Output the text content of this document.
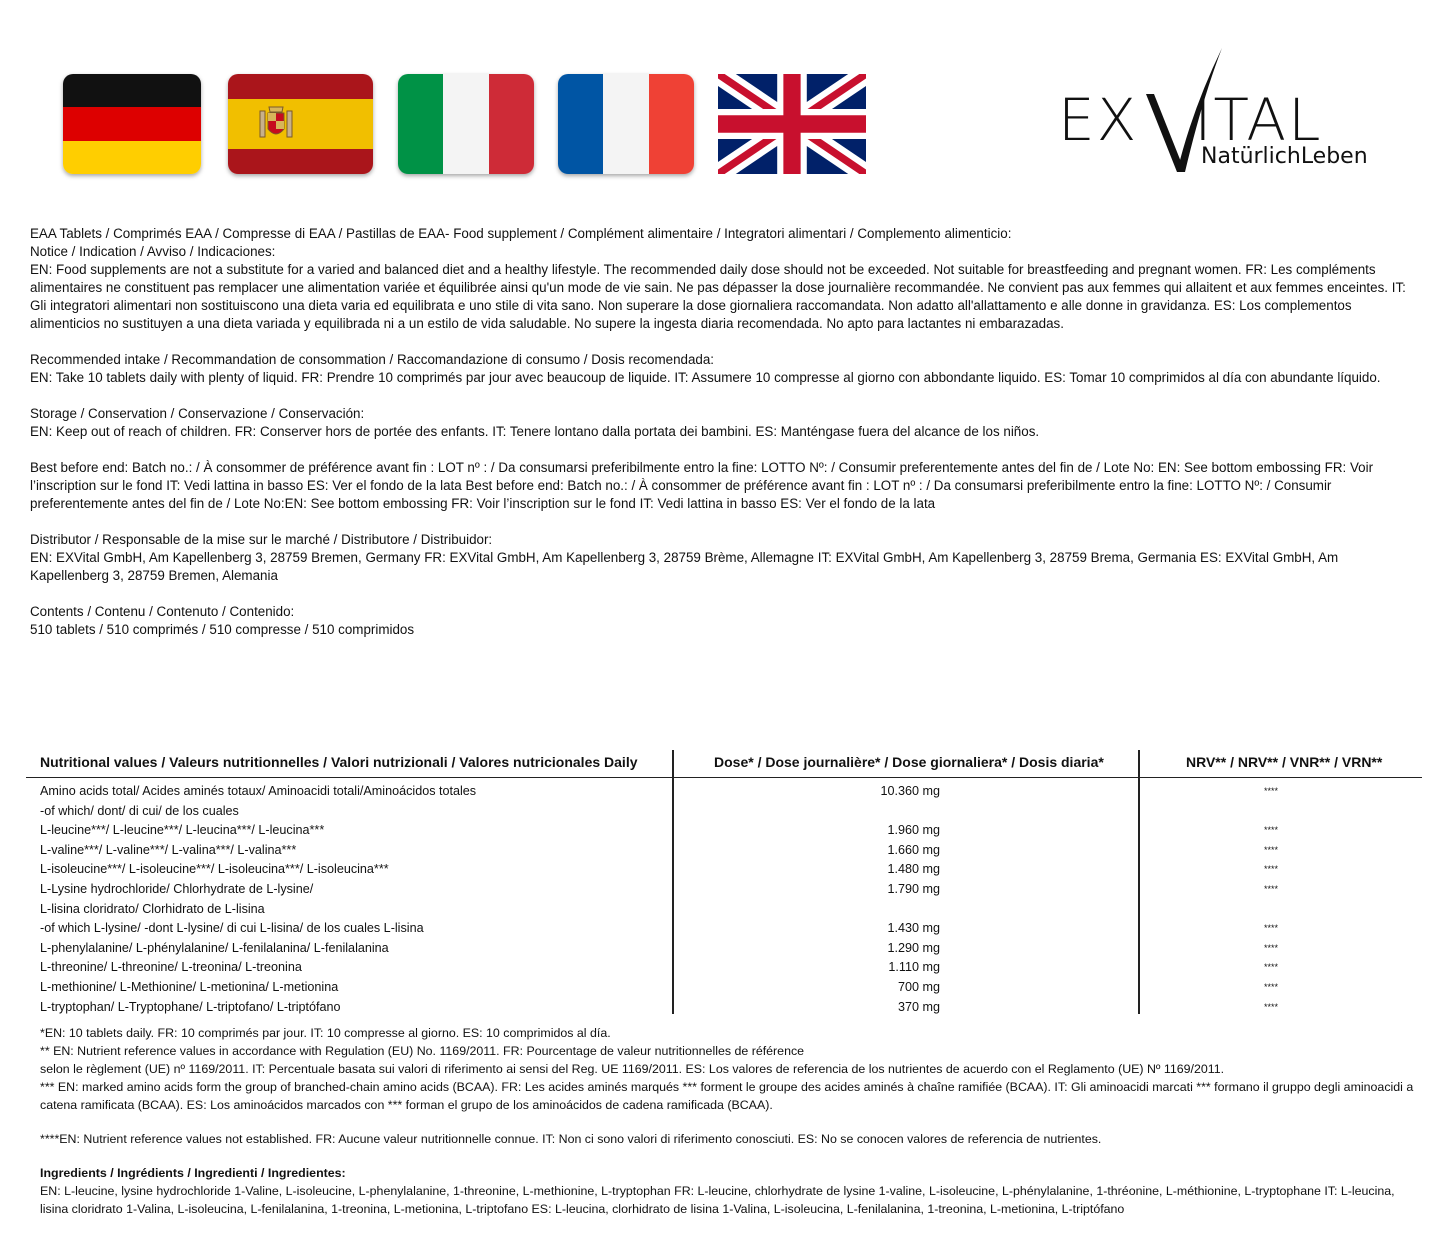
EX ITAL
NatürlichLeben

EAA Tablets / Comprimés EAA / Compresse di EAA / Pastillas de EAA- Food supplement / Complément alimentaire / Integratori alimentari / Complemento alimenticio:
Notice / Indication / Avviso / Indicaciones:
EN: Food supplements are not a substitute for a varied and balanced diet and a healthy lifestyle. The recommended daily dose should not be exceeded. Not suitable for breastfeeding and pregnant women. FR: Les compléments alimentaires ne constituent pas remplacer une alimentation variée et équilibrée ainsi qu'un mode de vie sain. Ne pas dépasser la dose journalière recommandée. Ne convient pas aux femmes qui allaitent et aux femmes enceintes. IT: Gli integratori alimentari non sostituiscono una dieta varia ed equilibrata e uno stile di vita sano. Non superare la dose giornaliera raccomandata. Non adatto all'allattamento e alle donne in gravidanza. ES: Los complementos alimenticios no sustituyen a una dieta variada y equilibrada ni a un estilo de vida saludable. No supere la ingesta diaria recomendada. No apto para lactantes ni embarazadas.

Recommended intake / Recommandation de consommation / Raccomandazione di consumo / Dosis recomendada:
EN: Take 10 tablets daily with plenty of liquid. FR: Prendre 10 comprimés par jour avec beaucoup de liquide. IT: Assumere 10 compresse al giorno con abbondante liquido. ES: Tomar 10 comprimidos al día con abundante líquido.

Storage / Conservation / Conservazione / Conservación:
EN: Keep out of reach of children. FR: Conserver hors de portée des enfants. IT: Tenere lontano dalla portata dei bambini. ES: Manténgase fuera del alcance de los niños.

Best before end: Batch no.: / À consommer de préférence avant fin : LOT nº : / Da consumarsi preferibilmente entro la fine: LOTTO Nº: / Consumir preferentemente antes del fin de / Lote No: EN: See bottom embossing FR: Voir l’inscription sur le fond IT: Vedi lattina in basso ES: Ver el fondo de la lata Best before end: Batch no.: / À consommer de préférence avant fin : LOT nº : / Da consumarsi preferibilmente entro la fine: LOTTO Nº: / Consumir preferentemente antes del fin de / Lote No:EN: See bottom embossing FR: Voir l’inscription sur le fond IT: Vedi lattina in basso ES: Ver el fondo de la lata

Distributor / Responsable de la mise sur le marché / Distributore / Distribuidor:
EN: EXVital GmbH, Am Kapellenberg 3, 28759 Bremen, Germany FR: EXVital GmbH, Am Kapellenberg 3, 28759 Brème, Allemagne IT: EXVital GmbH, Am Kapellenberg 3, 28759 Brema, Germania ES: EXVital GmbH, Am Kapellenberg 3, 28759 Bremen, Alemania

Contents / Contenu / Contenuto / Contenido:
510 tablets / 510 comprimés / 510 compresse / 510 comprimidos

Nutritional values / Valeurs nutritionnelles / Valori nutrizionali / Valores nutricionales Daily	Dose* / Dose journalière* / Dose giornaliera* / Dosis diaria*	NRV** / NRV** / VNR** / VRN**
Amino acids total/ Acides aminés totaux/ Aminoacidi totali/Aminoácidos totales	10.360 mg	****
-of which/ dont/ di cui/ de los cuales
L-leucine***/ L-leucine***/ L-leucina***/ L-leucina***	1.960 mg	****
L-valine***/ L-valine***/ L-valina***/ L-valina***	1.660 mg	****
L-isoleucine***/ L-isoleucine***/ L-isoleucina***/ L-isoleucina***	1.480 mg	****
L-Lysine hydrochloride/ Chlorhydrate de L-lysine/	1.790 mg	****
L-lisina cloridrato/ Clorhidrato de L-lisina
-of which L-lysine/ -dont L-lysine/ di cui L-lisina/ de los cuales L-lisina	1.430 mg	****
L-phenylalanine/ L-phénylalanine/ L-fenilalanina/ L-fenilalanina	1.290 mg	****
L-threonine/ L-threonine/ L-treonina/ L-treonina	1.110 mg	****
L-methionine/ L-Methionine/ L-metionina/ L-metionina	700 mg	****
L-tryptophan/ L-Tryptophane/ L-triptofano/ L-triptófano	370 mg	****

*EN: 10 tablets daily. FR: 10 comprimés par jour. IT: 10 compresse al giorno. ES: 10 comprimidos al día.

** EN: Nutrient reference values in accordance with Regulation (EU) No. 1169/2011. FR: Pourcentage de valeur nutritionnelles de référence

selon le règlement (UE) nº 1169/2011. IT: Percentuale basata sui valori di riferimento ai sensi del Reg. UE 1169/2011. ES: Los valores de referencia de los nutrientes de acuerdo con el Reglamento (UE) Nº 1169/2011.

*** EN: marked amino acids form the group of branched-chain amino acids (BCAA). FR: Les acides aminés marqués *** forment le groupe des acides aminés à chaîne ramifiée (BCAA). IT: Gli aminoacidi marcati *** formano il gruppo degli aminoacidi a catena ramificata (BCAA). ES: Los aminoácidos marcados con *** forman el grupo de los aminoácidos de cadena ramificada (BCAA).

****EN: Nutrient reference values not established. FR: Aucune valeur nutritionnelle connue. IT: Non ci sono valori di riferimento conosciuti. ES: No se conocen valores de referencia de nutrientes.

Ingredients / Ingrédients / Ingredienti / Ingredientes:

EN: L-leucine, lysine hydrochloride 1-Valine, L-isoleucine, L-phenylalanine, 1-threonine, L-methionine, L-tryptophan FR: L-leucine, chlorhydrate de lysine 1-valine, L-isoleucine, L-phénylalanine, 1-thréonine, L-méthionine, L-tryptophane IT: L-leucina, lisina cloridrato 1-Valina, L-isoleucina, L-fenilalanina, 1-treonina, L-metionina, L-triptofano ES: L-leucina, clorhidrato de lisina 1-Valina, L-isoleucina, L-fenilalanina, 1-treonina, L-metionina, L-triptófano
